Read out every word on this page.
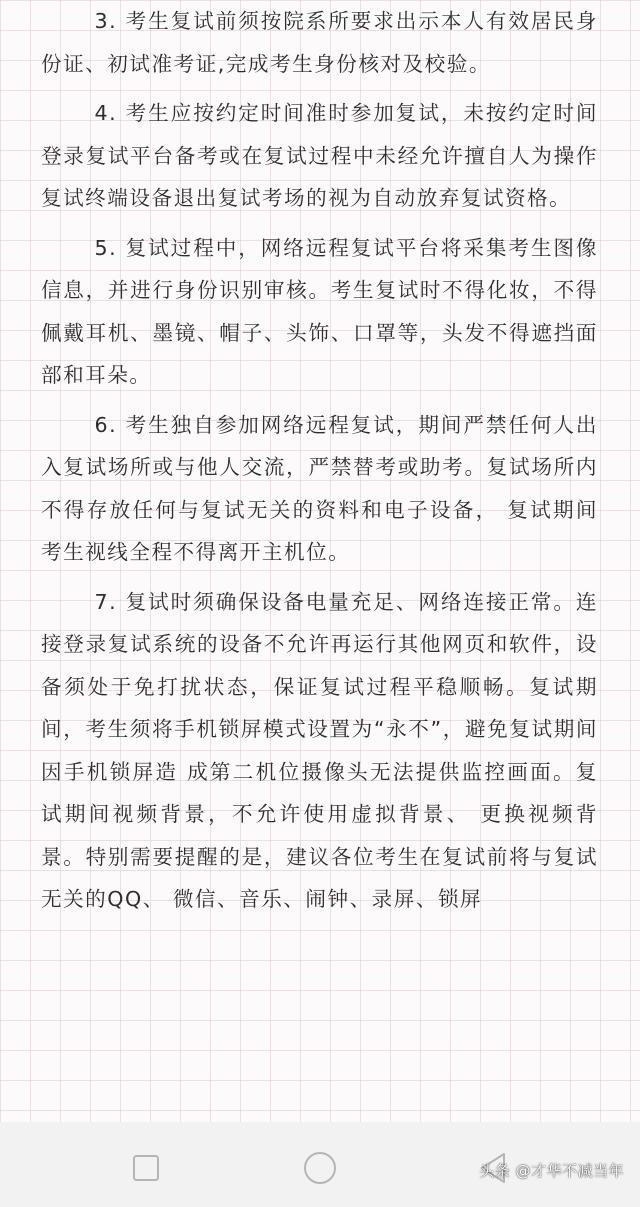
3. 考生复试前须按院系所要求出示本人有效居民身份证、初试准考证,完成考生身份核对及校验。

4. 考生应按约定时间准时参加复试，未按约定时间登录复试平台备考或在复试过程中未经允许擅自人为操作复试终端设备退出复试考场的视为自动放弃复试资格。

5. 复试过程中，网络远程复试平台将采集考生图像信息，并进行身份识别审核。考生复试时不得化妆，不得佩戴耳机、墨镜、帽子、头饰、口罩等，头发不得遮挡面部和耳朵。

6. 考生独自参加网络远程复试，期间严禁任何人出入复试场所或与他人交流，严禁替考或助考。复试场所内不得存放任何与复试无关的资料和电子设备， 复试期间考生视线全程不得离开主机位。

7. 复试时须确保设备电量充足、网络连接正常。连接登录复试系统的设备不允许再运行其他网页和软件，设备须处于免打扰状态，保证复试过程平稳顺畅。复试期间，考生须将手机锁屏模式设置为“永不”，避免复试期间因手机锁屏造 成第二机位摄像头无法提供监控画面。复试期间视频背景，不允许使用虚拟背景、 更换视频背景。特别需要提醒的是，建议各位考生在复试前将与复试无关的QQ、 微信、音乐、闹钟、录屏、锁屏

头条 @才华不减当年
